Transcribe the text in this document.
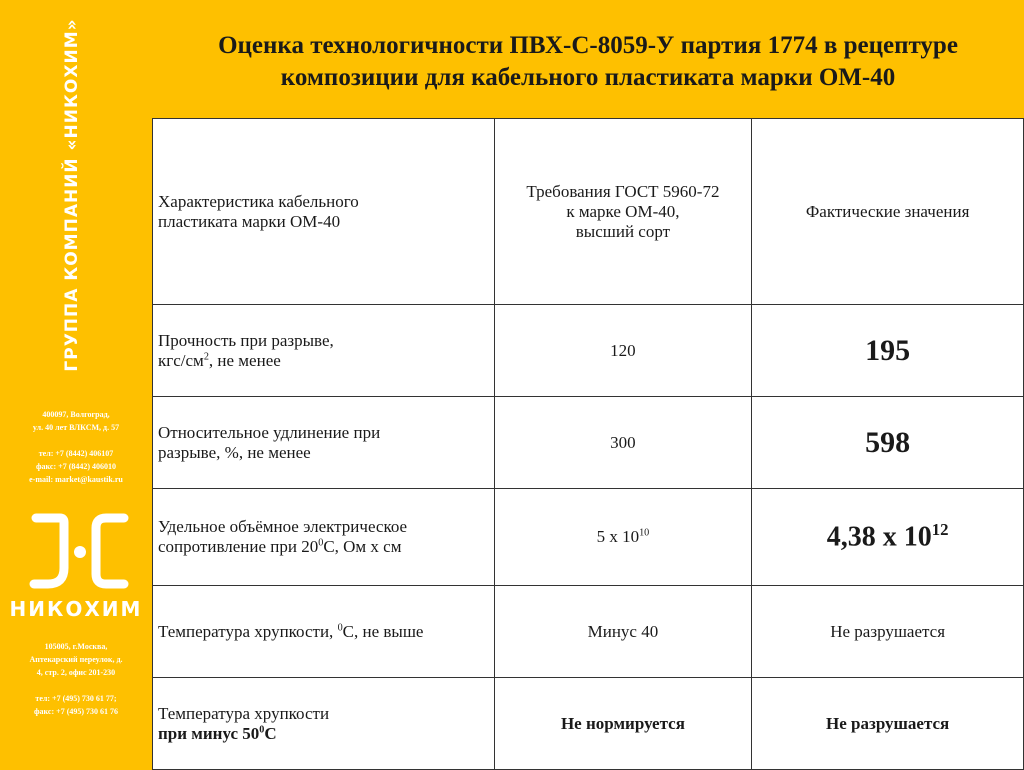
ГРУППА КОМПАНИЙ «НИКОХИМ»
400097, Волгоград,
ул. 40 лет ВЛКСМ, д. 57
тел: +7 (8442) 406107
факс: +7 (8442) 406010
e-mail: market@kaustik.ru
НИКОХИМ
105005, г.Москва,
Аптекарский переулок, д.
4, стр. 2, офис 201-230
тел: +7 (495) 730 61 77;
факс: +7 (495) 730 61 76
Оценка технологичности ПВХ-С-8059-У партия 1774 в рецептуре
композиции для кабельного пластиката марки ОМ-40
Характеристика кабельного
пластиката марки ОМ-40	Требования ГОСТ 5960-72
к марке ОМ-40,
высший сорт	Фактические значения
Прочность при разрыве,
кгс/$см^2$, не менее	120	195
Относительное удлинение при
разрыве, %, не менее	300	598
Удельное объёмное электрическое
сопротивление при $20^0С$, Ом х см	5 х $10^{10}$	4,38 х $10^{12}$
Температура хрупкости, $^0$С, не выше	Минус 40	Не разрушается
Температура хрупкости
при минус $50^0С$	Не нормируется	Не разрушается
